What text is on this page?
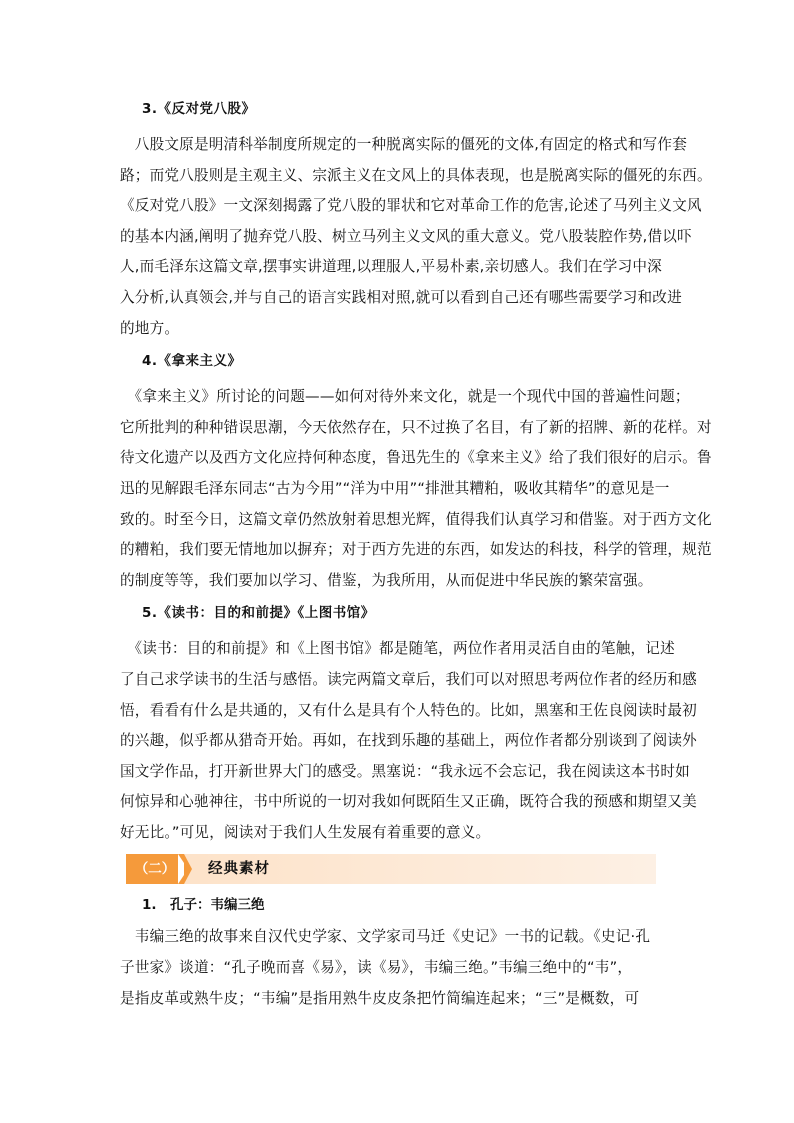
3.《反对党八股》
　八股文原是明清科举制度所规定的一种脱离实际的僵死的文体,有固定的格式和写作套
路；而党八股则是主观主义、宗派主义在文风上的具体表现，也是脱离实际的僵死的东西。
《反对党八股》一文深刻揭露了党八股的罪状和它对革命工作的危害,论述了马列主义文风
的基本内涵,阐明了抛弃党八股、树立马列主义文风的重大意义。党八股装腔作势,借以吓
人,而毛泽东这篇文章,摆事实讲道理,以理服人,平易朴素,亲切感人。我们在学习中深
入分析,认真领会,并与自己的语言实践相对照,就可以看到自己还有哪些需要学习和改进
的地方。
4.《拿来主义》
　《拿来主义》所讨论的问题——如何对待外来文化，就是一个现代中国的普遍性问题；
它所批判的种种错误思潮，今天依然存在，只不过换了名目，有了新的招牌、新的花样。对
待文化遗产以及西方文化应持何种态度，鲁迅先生的《拿来主义》给了我们很好的启示。鲁
迅的见解跟毛泽东同志“古为今用”“洋为中用”“排泄其糟粕，吸收其精华”的意见是一
致的。时至今日，这篇文章仍然放射着思想光辉，值得我们认真学习和借鉴。对于西方文化
的糟粕，我们要无情地加以摒弃；对于西方先进的东西，如发达的科技，科学的管理，规范
的制度等等，我们要加以学习、借鉴，为我所用，从而促进中华民族的繁荣富强。
5.《读书：目的和前提》《上图书馆》
　《读书：目的和前提》和《上图书馆》都是随笔，两位作者用灵活自由的笔触，记述
了自己求学读书的生活与感悟。读完两篇文章后，我们可以对照思考两位作者的经历和感
悟，看看有什么是共通的，又有什么是具有个人特色的。比如，黑塞和王佐良阅读时最初
的兴趣，似乎都从猎奇开始。再如，在找到乐趣的基础上，两位作者都分别谈到了阅读外
国文学作品，打开新世界大门的感受。黑塞说：“我永远不会忘记，我在阅读这本书时如
何惊异和心驰神往，书中所说的一切对我如何既陌生又正确，既符合我的预感和期望又美
好无比。”可见，阅读对于我们人生发展有着重要的意义。
（二）	经典素材
1.　孔子：韦编三绝
　韦编三绝的故事来自汉代史学家、文学家司马迁《史记》一书的记载。《史记·孔
子世家》谈道：“孔子晚而喜《易》，读《易》，韦编三绝。”韦编三绝中的“韦”，
是指皮革或熟牛皮；“韦编”是指用熟牛皮皮条把竹简编连起来；“三”是概数，可
